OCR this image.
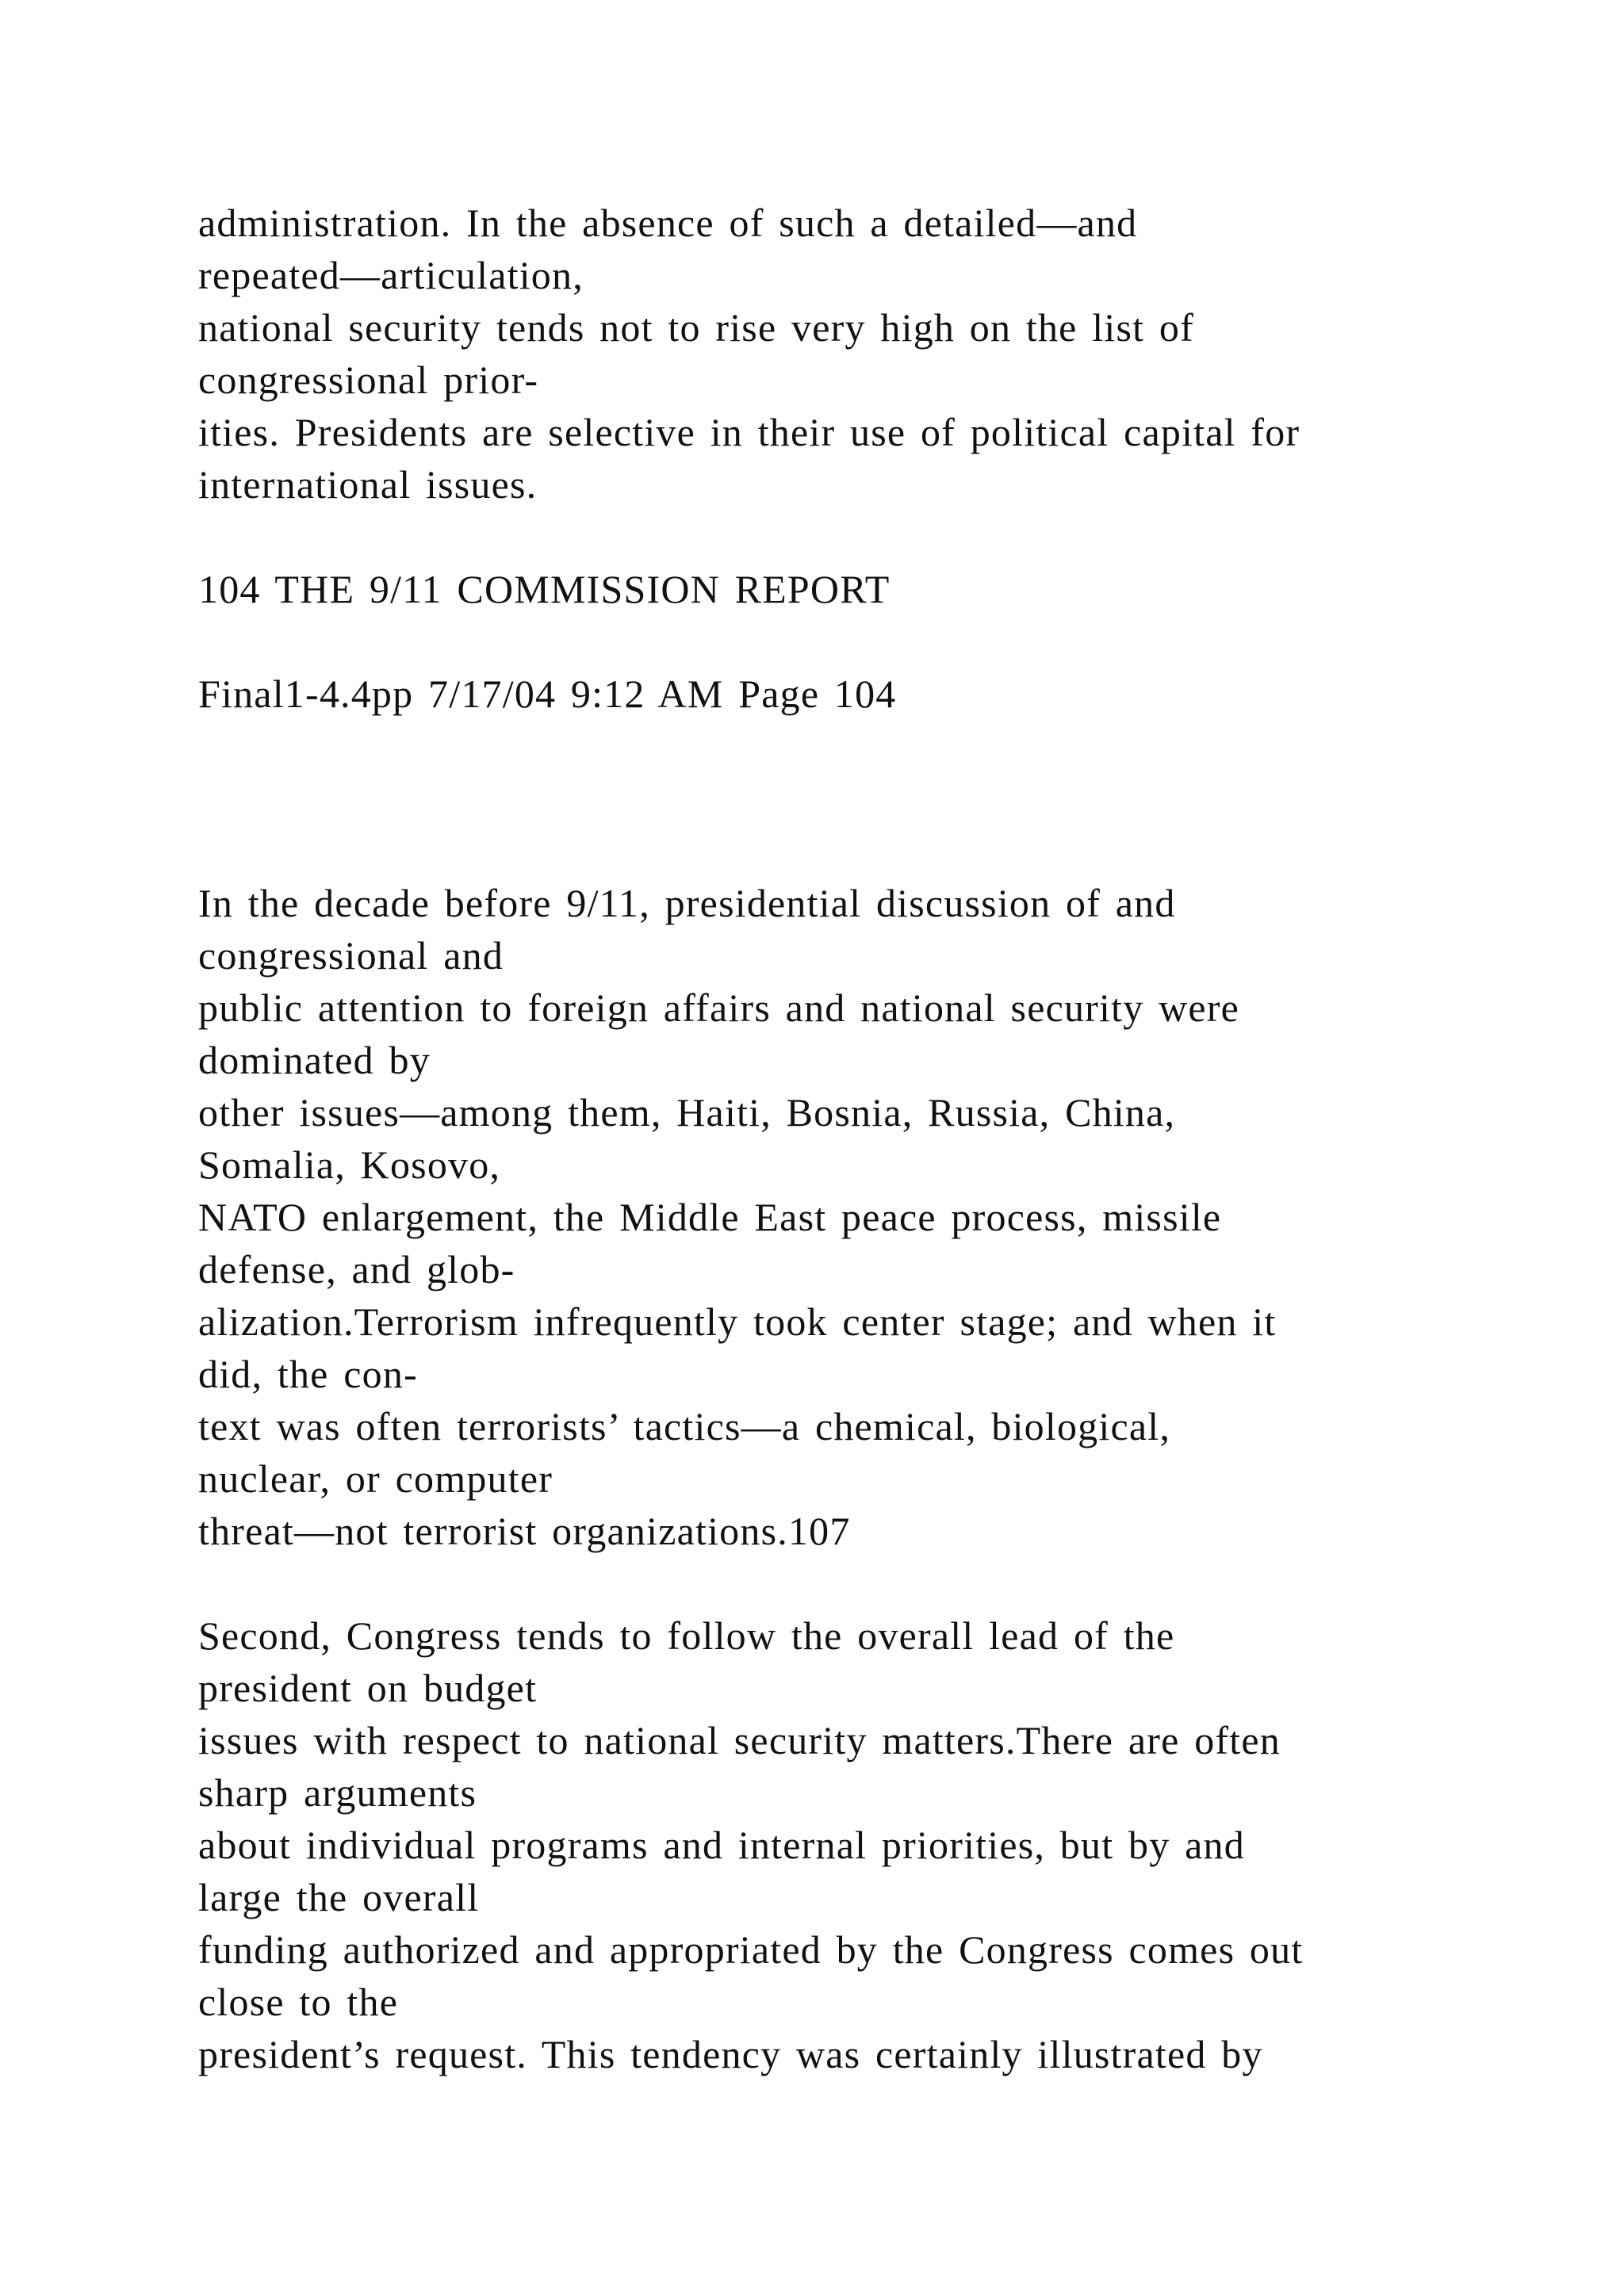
administration. In the absence of such a detailed—and
repeated—articulation,
national security tends not to rise very high on the list of
congressional prior-
ities. Presidents are selective in their use of political capital for
international issues.
104 THE 9/11 COMMISSION REPORT
Final1-4.4pp 7/17/04 9:12 AM Page 104
In the decade before 9/11, presidential discussion of and
congressional and
public attention to foreign affairs and national security were
dominated by
other issues—among them, Haiti, Bosnia, Russia, China,
Somalia, Kosovo,
NATO enlargement, the Middle East peace process, missile
defense, and glob-
alization.Terrorism infrequently took center stage; and when it
did, the con-
text was often terrorists’ tactics—a chemical, biological,
nuclear, or computer
threat—not terrorist organizations.107
Second, Congress tends to follow the overall lead of the
president on budget
issues with respect to national security matters.There are often
sharp arguments
about individual programs and internal priorities, but by and
large the overall
funding authorized and appropriated by the Congress comes out
close to the
president’s request. This tendency was certainly illustrated by
